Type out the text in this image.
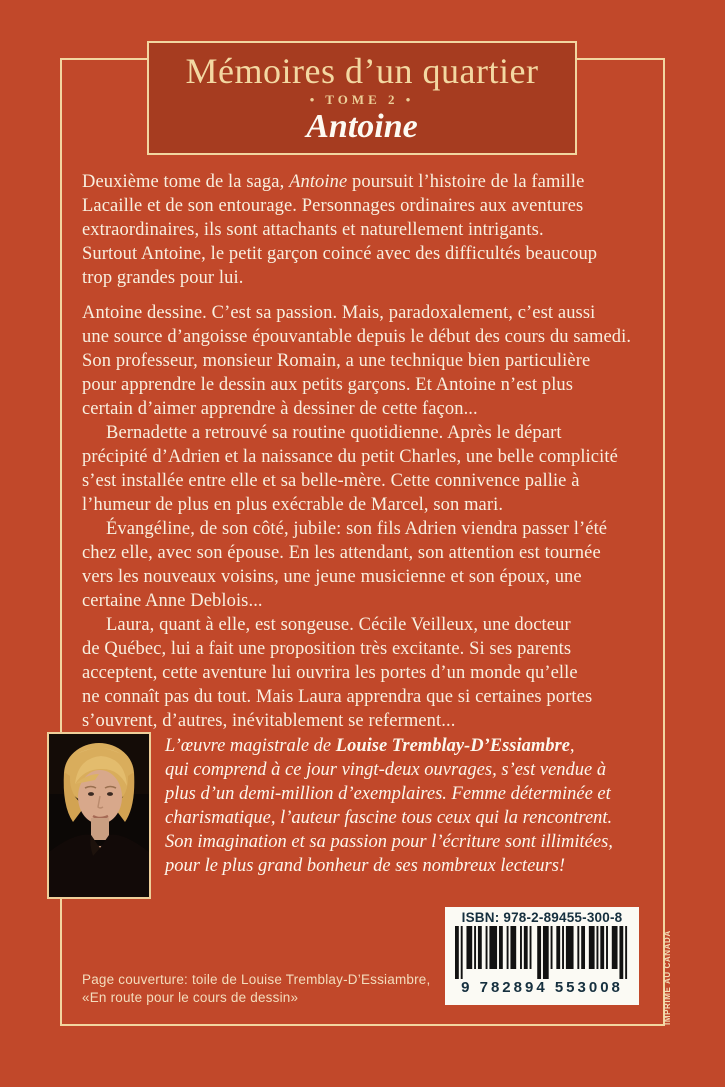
Mémoires d’un quartier
• TOME 2 •
Antoine
Deuxième tome de la saga, Antoine poursuit l’histoire de la famille
Lacaille et de son entourage. Personnages ordinaires aux aventures
extraordinaires, ils sont attachants et naturellement intrigants.
Surtout Antoine, le petit garçon coincé avec des difficultés beaucoup
trop grandes pour lui.
Antoine dessine. C’est sa passion. Mais, paradoxalement, c’est aussi
une source d’angoisse épouvantable depuis le début des cours du samedi.
Son professeur, monsieur Romain, a une technique bien particulière
pour apprendre le dessin aux petits garçons. Et Antoine n’est plus
certain d’aimer apprendre à dessiner de cette façon...
Bernadette a retrouvé sa routine quotidienne. Après le départ
précipité d’Adrien et la naissance du petit Charles, une belle complicité
s’est installée entre elle et sa belle-mère. Cette connivence pallie à
l’humeur de plus en plus exécrable de Marcel, son mari.
Évangéline, de son côté, jubile: son fils Adrien viendra passer l’été
chez elle, avec son épouse. En les attendant, son attention est tournée
vers les nouveaux voisins, une jeune musicienne et son époux, une
certaine Anne Deblois...
Laura, quant à elle, est songeuse. Cécile Veilleux, une docteur
de Québec, lui a fait une proposition très excitante. Si ses parents
acceptent, cette aventure lui ouvrira les portes d’un monde qu’elle
ne connaît pas du tout. Mais Laura apprendra que si certaines portes
s’ouvrent, d’autres, inévitablement se referment...
L’œuvre magistrale de Louise Tremblay-D’Essiambre,
qui comprend à ce jour vingt-deux ouvrages, s’est vendue à
plus d’un demi-million d’exemplaires. Femme déterminée et
charismatique, l’auteur fascine tous ceux qui la rencontrent.
Son imagination et sa passion pour l’écriture sont illimitées,
pour le plus grand bonheur de ses nombreux lecteurs!
ISBN: 978-2-89455-300-8
9 782894 553008	IMPRIMÉ AU CANADA
Page couverture: toile de Louise Tremblay-D’Essiambre,
«En route pour le cours de dessin»
